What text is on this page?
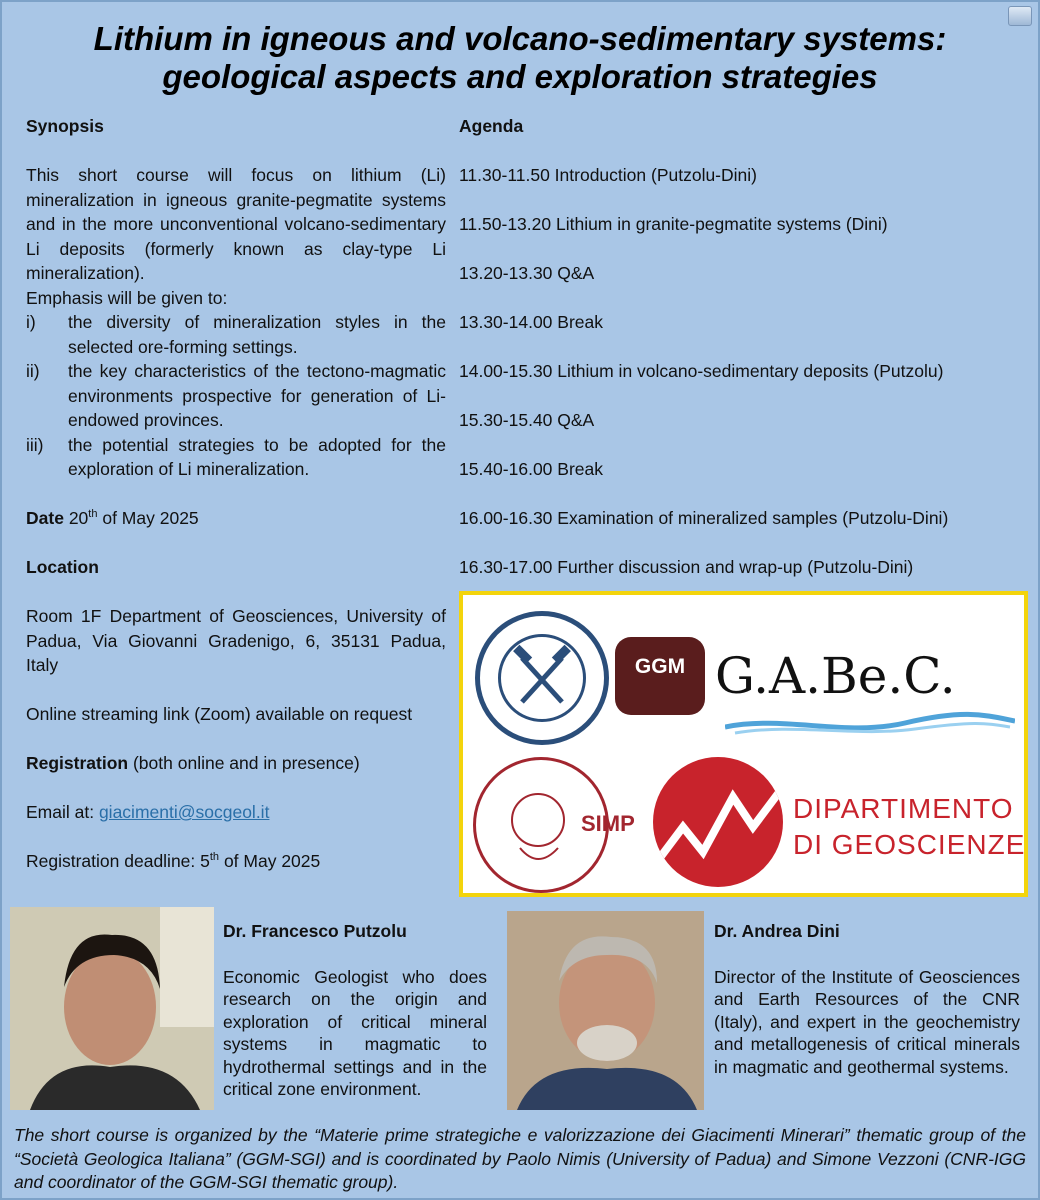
Lithium in igneous and volcano-sedimentary systems:
geological aspects and exploration strategies

Synopsis

This short course will focus on lithium (Li) mineralization in igneous granite-pegmatite systems and in the more unconventional volcano-sedimentary Li deposits (formerly known as clay-type Li mineralization).

Emphasis will be given to:

i)	the diversity of mineralization styles in the selected ore-forming settings.
ii)	the key characteristics of the tectono-magmatic environments prospective for generation of Li-endowed provinces.
iii)	the potential strategies to be adopted for the exploration of Li mineralization.

Date 20th of May 2025

Location

Room 1F Department of Geosciences, University of Padua, Via Giovanni Gradenigo, 6, 35131 Padua, Italy

Online streaming link (Zoom) available on request

Registration (both online and in presence)

Email at: giacimenti@socgeol.it

Registration deadline: 5th of May 2025

Agenda

11.30-11.50 Introduction (Putzolu-Dini)
11.50-13.20 Lithium in granite-pegmatite systems (Dini)
13.20-13.30 Q&A
13.30-14.00 Break
14.00-15.30 Lithium in volcano-sedimentary deposits (Putzolu)
15.30-15.40 Q&A
15.40-16.00 Break
16.00-16.30 Examination of mineralized samples (Putzolu-Dini)
16.30-17.00 Further discussion and wrap-up (Putzolu-Dini)
GGM G.A.Be.C.
SIMP	DIPARTIMENTO
DI GEOSCIENZE
Dr. Francesco Putzolu
Economic Geologist who does research on the origin and exploration of critical mineral systems in magmatic to hydrothermal settings and in the critical zone environment.
Dr. Andrea Dini
Director of the Institute of Geosciences and Earth Resources of the CNR (Italy), and expert in the geochemistry and metallogenesis of critical minerals in magmatic and geothermal systems.
The short course is organized by the “Materie prime strategiche e valorizzazione dei Giacimenti Minerari” thematic group of the “Società Geologica Italiana” (GGM-SGI) and is coordinated by Paolo Nimis (University of Padua) and Simone Vezzoni (CNR-IGG and coordinator of the GGM-SGI thematic group).
